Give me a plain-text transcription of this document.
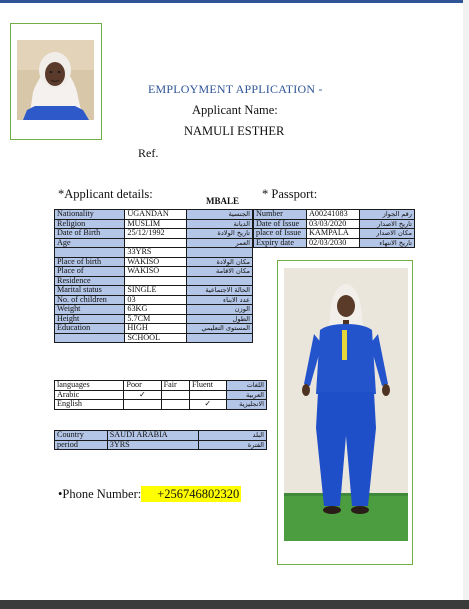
EMPLOYMENT APPLICATION -
Applicant Name:
NAMULI ESTHER
Ref.
*Applicant details:	MBALE * Passport:
Nationality	UGANDAN	الجنسية
Religion	MUSLIM	الديانة
Date of Birth	25/12/1992	تاريخ الولادة
Age		العمر
	33YRS	
Place of birth	WAKISO	مكان الولادة
Place of	WAKISO	مكان الاقامة
Residence		
Marital status	SINGLE	الحالة الاجتماعية
No. of children	03	عدد الابناء
Weight	63KG	الوزن
Height	5.7CM	الطول
Education	HIGH	المستوى التعليمي
	SCHOOL	
Number	A00241083	رقم الجواز
Date of Issue	03/03/2020	تاريخ الاصدار
place of Issue	KAMPALA	مكان الاصدار
Expiry date	02/03/2030	تاريخ الانتهاء
languages	Poor	Fair	Fluent	اللغات
Arabic	✓			العربية
English			✓	الانجليزية
Country	SAUDI ARABIA	البلد
period	3YRS	الفترة
•Phone Number: +256746802320
